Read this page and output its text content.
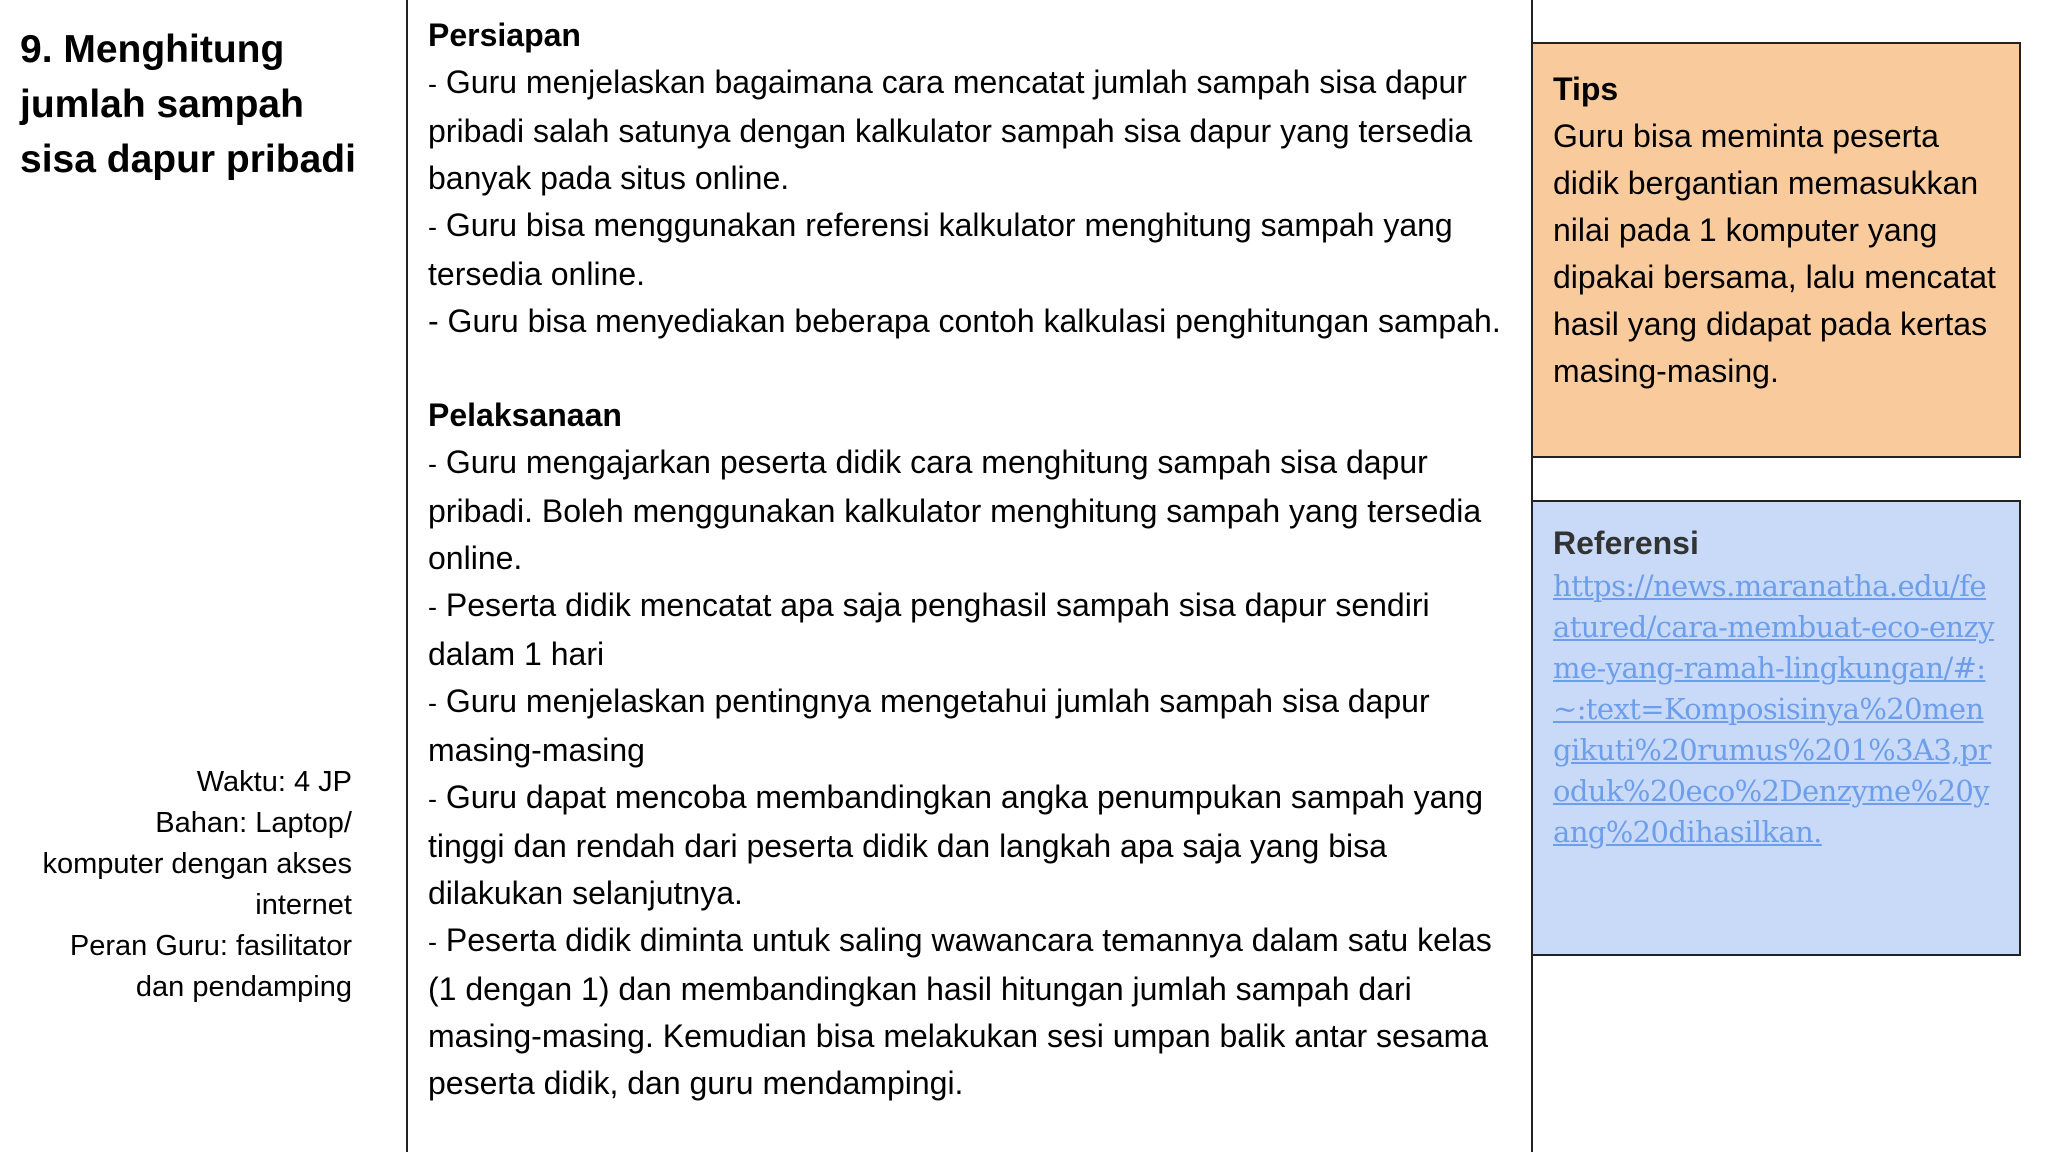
9. Menghitung jumlah sampah sisa dapur pribadi
Waktu: 4 JP
Bahan: Laptop/ komputer dengan akses internet
Peran Guru: fasilitator dan pendamping
Persiapan
- Guru menjelaskan bagaimana cara mencatat jumlah sampah sisa dapur pribadi salah satunya dengan kalkulator sampah sisa dapur yang tersedia banyak pada situs online.
- Guru bisa menggunakan referensi kalkulator menghitung sampah yang tersedia online.
- Guru bisa menyediakan beberapa contoh kalkulasi penghitungan sampah.
Pelaksanaan
- Guru mengajarkan peserta didik cara menghitung sampah sisa dapur pribadi. Boleh menggunakan kalkulator menghitung sampah yang tersedia online.
- Peserta didik mencatat apa saja penghasil sampah sisa dapur sendiri dalam 1 hari
- Guru menjelaskan pentingnya mengetahui jumlah sampah sisa dapur masing-masing
- Guru dapat mencoba membandingkan angka penumpukan sampah yang tinggi dan rendah dari peserta didik dan langkah apa saja yang bisa dilakukan selanjutnya.
- Peserta didik diminta untuk saling wawancara temannya dalam satu kelas (1 dengan 1) dan membandingkan hasil hitungan jumlah sampah dari masing-masing. Kemudian bisa melakukan sesi umpan balik antar sesama peserta didik, dan guru mendampingi.
Tips

Guru bisa meminta peserta didik bergantian memasukkan nilai pada 1 komputer yang dipakai bersama, lalu mencatat hasil yang didapat pada kertas masing-masing.

Referensi
https://news.maranatha.edu/featured/cara-membuat-eco-enzyme-yang-ramah-lingkungan/#:~:text=Komposisinya%20mengikuti%20rumus%201%3A3,produk%20eco%2Denzyme%20yang%20dihasilkan.
